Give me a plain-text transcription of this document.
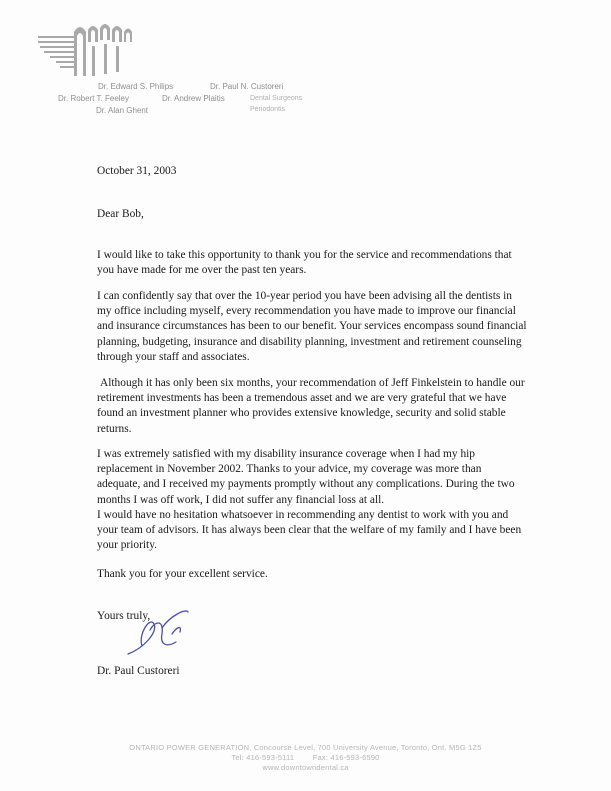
Dr. Edward S. Philips
Dr. Robert T. Feeley
Dr. Alan Ghent
Dr. Paul N. Custoreri
Dr. Andrew Plaitis	Dental Surgeons
Periodontis
October 31, 2003
Dear Bob,

I would like to take this opportunity to thank you for the service and recommendations that you have made for me over the past ten years.

I can confidently say that over the 10-year period you have been advising all the dentists in my office including myself, every recommendation you have made to improve our financial and insurance circumstances has been to our benefit. Your services encompass sound financial planning, budgeting, insurance and disability planning, investment and retirement counseling through your staff and associates.

Although it has only been six months, your recommendation of Jeff Finkelstein to handle our retirement investments has been a tremendous asset and we are very grateful that we have found an investment planner who provides extensive knowledge, security and solid stable returns.

I was extremely satisfied with my disability insurance coverage when I had my hip replacement in November 2002. Thanks to your advice, my coverage was more than adequate, and I received my payments promptly without any complications. During the two months I was off work, I did not suffer any financial loss at all.

I would have no hesitation whatsoever in recommending any dentist to work with you and your team of advisors. It has always been clear that the welfare of my family and I have been your priority.

Thank you for your excellent service.

Yours truly,
Dr. Paul Custoreri
ONTARIO POWER GENERATION, Concourse Level, 700 University Avenue, Toronto, Ont. M5G 1Z5
Tel: 416-593-5111 Fax: 416-593-6590
www.downtowndental.ca
